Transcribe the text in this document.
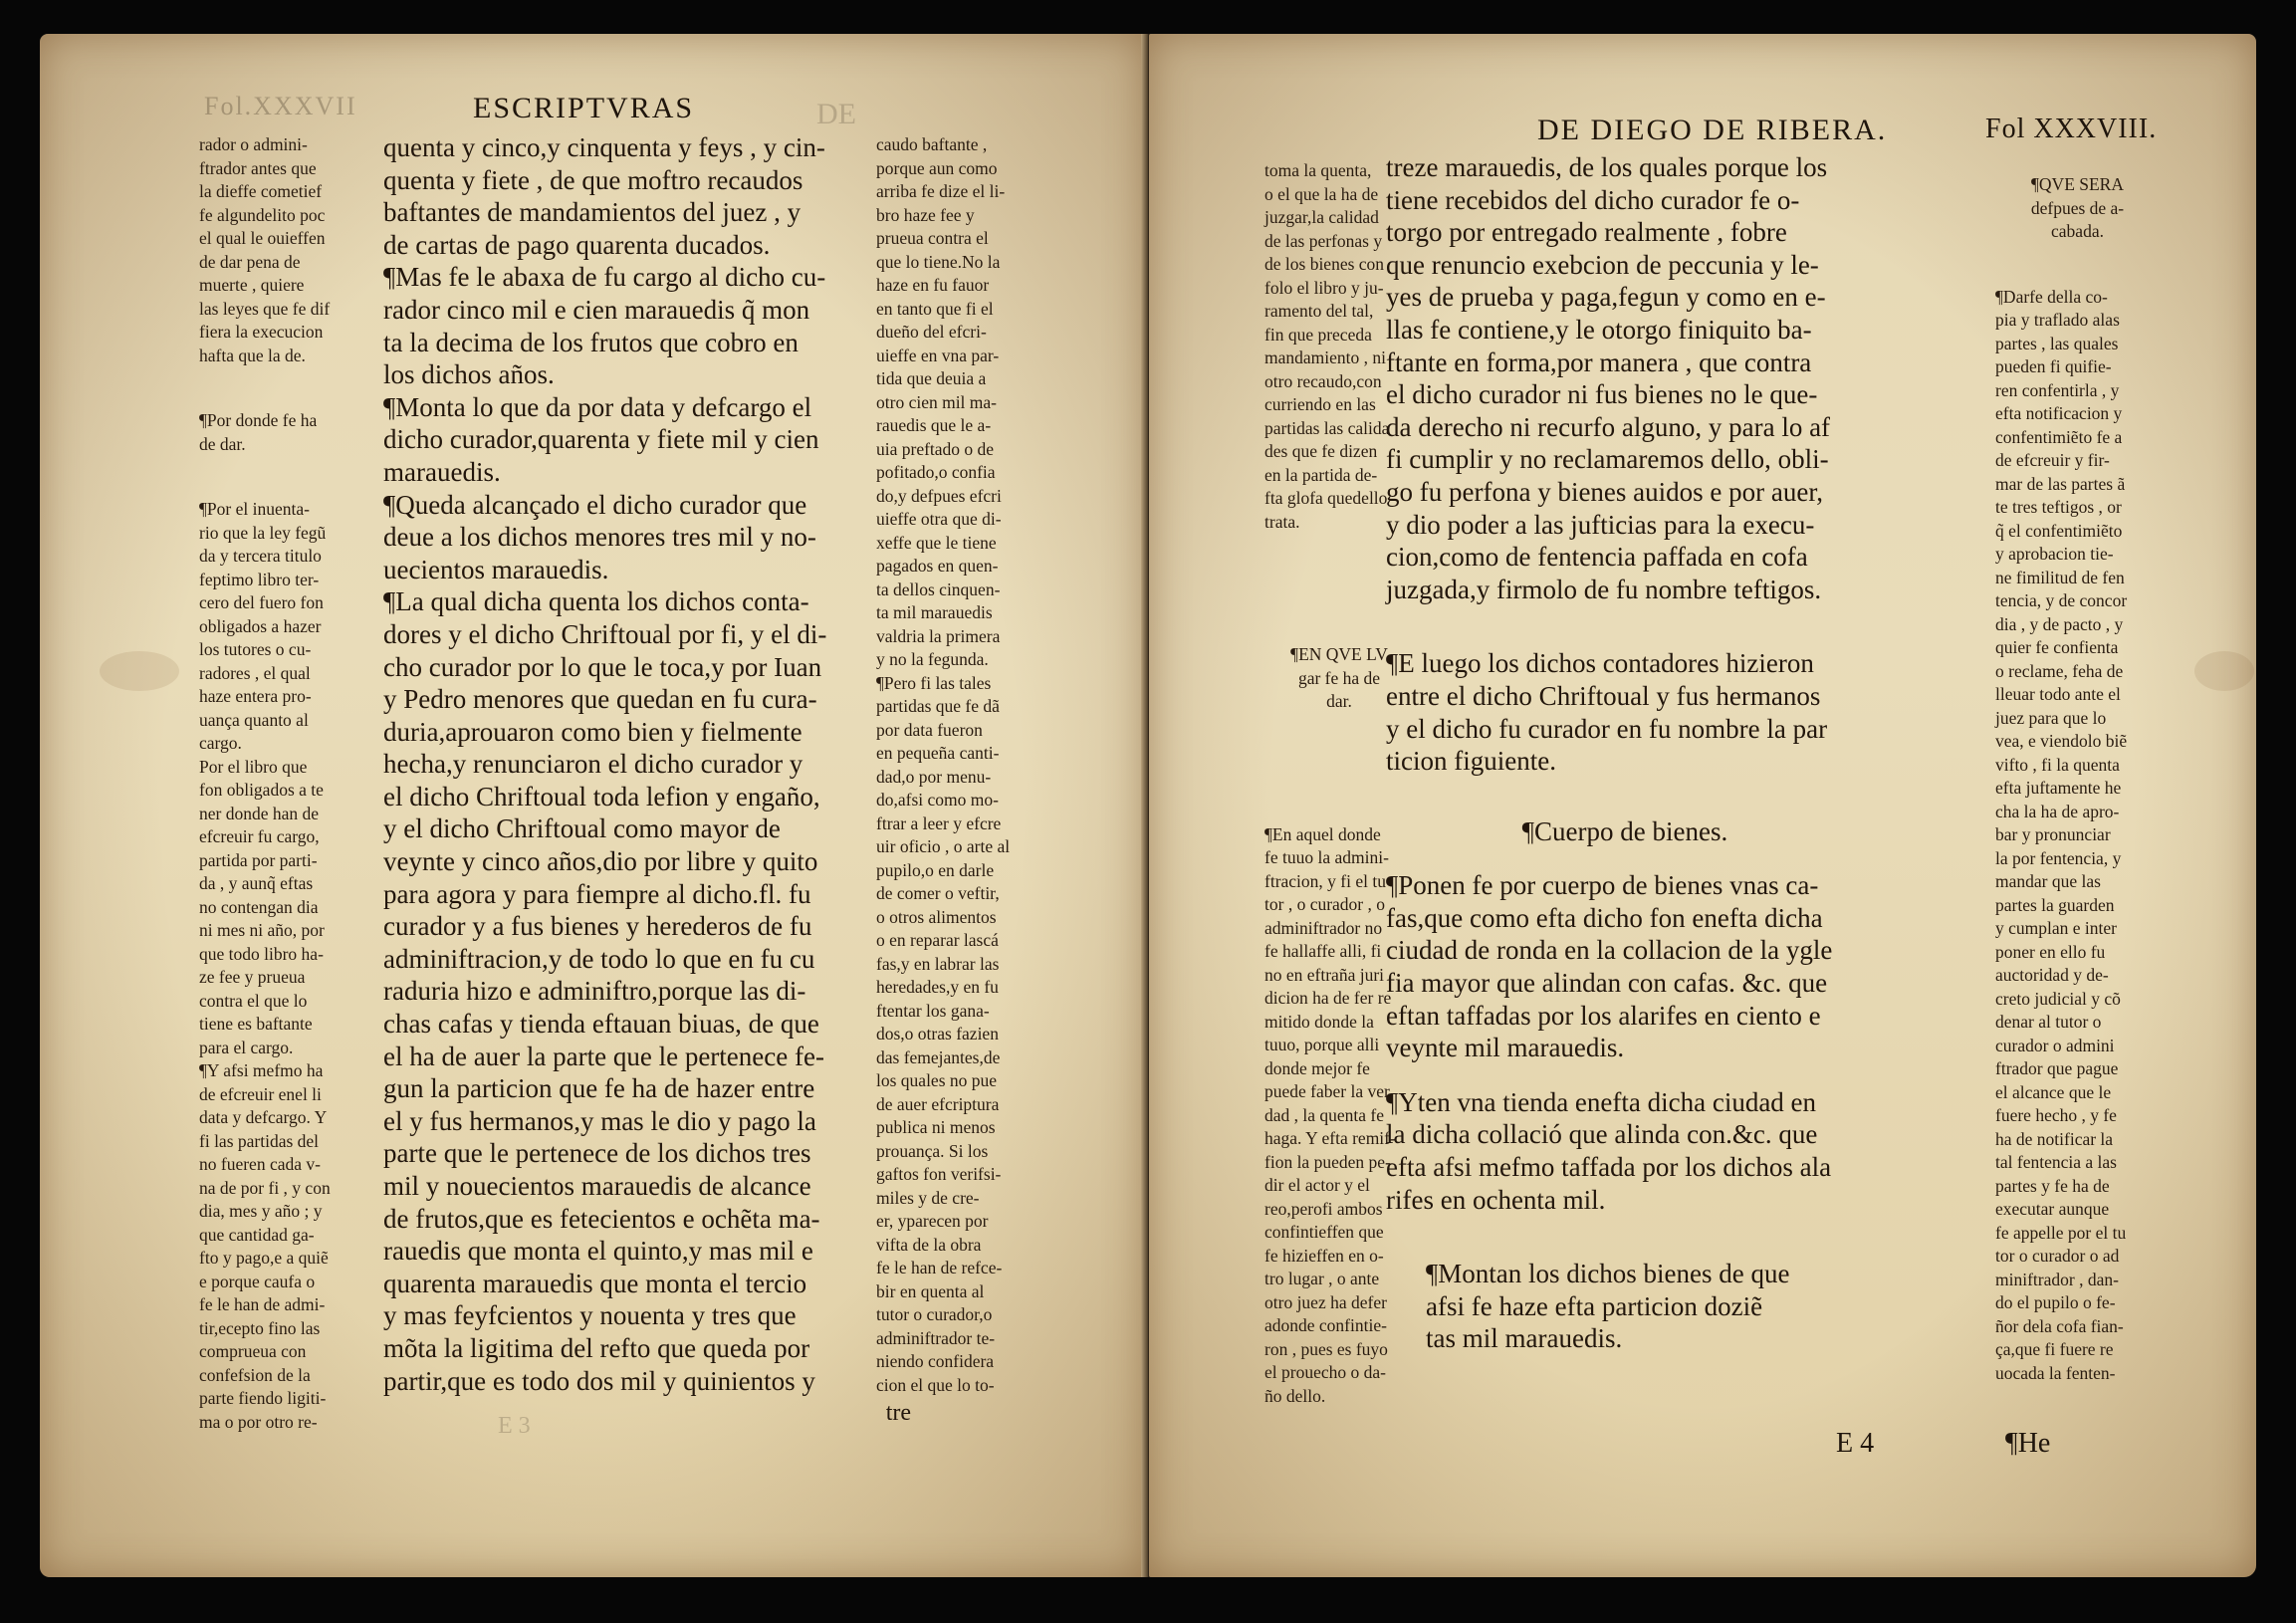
DE
Fol.XXXVII	ESCRIPTVRAS

rador o admini-
ftrador antes que
la dieffe cometief
fe algundelito poc
el qual le ouieffen
de dar pena de
muerte , quiere
las leyes que fe dif
fiera la execucion
hafta que la de.

¶Por donde fe ha
de dar.

¶Por el inuenta-
rio que la ley fegũ
da y tercera titulo
feptimo libro ter-
cero del fuero fon
obligados a hazer
los tutores o cu-
radores , el qual
haze entera pro-
uança quanto al
cargo.
Por el libro que
fon obligados a te
ner donde han de
efcreuir fu cargo,
partida por parti-
da , y aunq̃ eftas
no contengan dia
ni mes ni año, por
que todo libro ha-
ze fee y prueua
contra el que lo
tiene es baftante
para el cargo.
¶Y afsi mefmo ha
de efcreuir enel li
data y defcargo. Y
fi las partidas del
no fueren cada v-
na de por fi , y con
dia, mes y año ; y
que cantidad ga-
fto y pago,e a quiẽ
e porque caufa o
fe le han de admi-
tir,ecepto fino las
comprueua con
confefsion de la
parte fiendo ligiti-
ma o por otro re-

quenta y cinco,y cinquenta y feys , y cin-
quenta y fiete , de que moftro recaudos
baftantes de mandamientos del juez , y
de cartas de pago quarenta ducados.

¶Mas fe le abaxa de fu cargo al dicho cu-
rador cinco mil e cien marauedis q̃ mon
ta la decima de los frutos que cobro en
los dichos años.

¶Monta lo que da por data y defcargo el
dicho curador,quarenta y fiete mil y cien
marauedis.

¶Queda alcançado el dicho curador que
deue a los dichos menores tres mil y no-
uecientos marauedis.

¶La qual dicha quenta los dichos conta-
dores y el dicho Chriftoual por fi, y el di-
cho curador por lo que le toca,y por Iuan
y Pedro menores que quedan en fu cura-
duria,aprouaron como bien y fielmente
hecha,y renunciaron el dicho curador y
el dicho Chriftoual toda lefion y engaño,
y el dicho Chriftoual como mayor de
veynte y cinco años,dio por libre y quito
para agora y para fiempre al dicho.fl. fu
curador y a fus bienes y herederos de fu
adminiftracion,y de todo lo que en fu cu
raduria hizo e adminiftro,porque las di-
chas cafas y tienda eftauan biuas, de que
el ha de auer la parte que le pertenece fe-
gun la particion que fe ha de hazer entre
el y fus hermanos,y mas le dio y pago la
parte que le pertenece de los dichos tres
mil y nouecientos marauedis de alcance
de frutos,que es fetecientos e ochẽta ma-
rauedis que monta el quinto,y mas mil e
quarenta marauedis que monta el tercio
y mas feyfcientos y nouenta y tres que
mõta la ligitima del refto que queda por
partir,que es todo dos mil y quinientos y

tre

caudo baftante ,
porque aun como
arriba fe dize el li-
bro haze fee y
prueua contra el
que lo tiene.No la
haze en fu fauor
en tanto que fi el
dueño del efcri-
uieffe en vna par-
tida que deuia a
otro cien mil ma-
rauedis que le a-
uia preftado o de
pofitado,o confia
do,y defpues efcri
uieffe otra que di-
xeffe que le tiene
pagados en quen-
ta dellos cinquen-
ta mil marauedis
valdria la primera
y no la fegunda.

¶Pero fi las tales
partidas que fe dã
por data fueron
en pequeña canti-
dad,o por menu-
do,afsi como mo-
ftrar a leer y efcre
uir oficio , o arte al
pupilo,o en darle
de comer o veftir,
o otros alimentos
o en reparar lascá
fas,y en labrar las
heredades,y en fu
ftentar los gana-
dos,o otras fazien
das femejantes,de
los quales no pue
de auer efcriptura
publica ni menos
prouança. Si los
gaftos fon verifsi-
miles y de cre-
er, yparecen por
vifta de la obra
fe le han de refce-
bir en quenta al
tutor o curador,o
adminiftrador te-
niendo confidera
cion el que lo to-

E 3
DE DIEGO DE RIBERA.	Fol XXXVIII.

toma la quenta,
o el que la ha de
juzgar,la calidad
de las perfonas y
de los bienes con
folo el libro y ju-
ramento del tal,
fin que preceda
mandamiento , ni
otro recaudo,con
curriendo en las
partidas las calida
des que fe dizen
en la partida de-
fta glofa quedello
trata.

¶EN QVE LV
gar fe ha de
dar.

¶En aquel donde
fe tuuo la admini-
ftracion, y fi el tu-
tor , o curador , o
adminiftrador no
fe hallaffe alli, fi
no en eftraña juri
dicion ha de fer re
mitido donde la
tuuo, porque alli
donde mejor fe
puede faber la ver
dad , la quenta fe
haga. Y efta remif-
fion la pueden pe-
dir el actor y el
reo,perofi ambos
confintieffen que
fe hizieffen en o-
tro lugar , o ante
otro juez ha defer
adonde confintie-
ron , pues es fuyo
el prouecho o da-
ño dello.

treze marauedis, de los quales porque los
tiene recebidos del dicho curador fe o-
torgo por entregado realmente , fobre
que renuncio exebcion de peccunia y le-
yes de prueba y paga,fegun y como en e-
llas fe contiene,y le otorgo finiquito ba-
ftante en forma,por manera , que contra
el dicho curador ni fus bienes no le que-
da derecho ni recurfo alguno, y para lo af
fi cumplir y no reclamaremos dello, obli-
go fu perfona y bienes auidos e por auer,
y dio poder a las jufticias para la execu-
cion,como de fentencia paffada en cofa
juzgada,y firmolo de fu nombre teftigos.

¶E luego los dichos contadores hizieron
entre el dicho Chriftoual y fus hermanos
y el dicho fu curador en fu nombre la par
ticion figuiente.

¶Cuerpo de bienes.

¶Ponen fe por cuerpo de bienes vnas ca-
fas,que como efta dicho fon enefta dicha
ciudad de ronda en la collacion de la ygle
fia mayor que alindan con cafas. &c. que
eftan taffadas por los alarifes en ciento e
veynte mil marauedis.

¶Yten vna tienda enefta dicha ciudad en
la dicha collació que alinda con.&c. que
efta afsi mefmo taffada por los dichos ala
rifes en ochenta mil.

¶Montan los dichos bienes de que
afsi fe haze efta particion doziẽ
tas mil marauedis.

¶QVE SERA
defpues de a-
cabada.

¶Darfe della co-
pia y traflado alas
partes , las quales
pueden fi quifie-
ren confentirla , y
efta notificacion y
confentimiẽto fe a
de efcreuir y fir-
mar de las partes ã
te tres teftigos , or
q̃ el confentimiẽto
y aprobacion tie-
ne fimilitud de fen
tencia, y de concor
dia , y de pacto , y
quier fe confienta
o reclame, feha de
lleuar todo ante el
juez para que lo
vea, e viendolo biẽ
vifto , fi la quenta
efta juftamente he
cha la ha de apro-
bar y pronunciar
la por fentencia, y
mandar que las
partes la guarden
y cumplan e inter
poner en ello fu
auctoridad y de-
creto judicial y cõ
denar al tutor o
curador o admini
ftrador que pague
el alcance que le
fuere hecho , y fe
ha de notificar la
tal fentencia a las
partes y fe ha de
executar aunque
fe appelle por el tu
tor o curador o ad
miniftrador , dan-
do el pupilo o fe-
ñor dela cofa fian-
ça,que fi fuere re
uocada la fenten-

E 4	¶He
